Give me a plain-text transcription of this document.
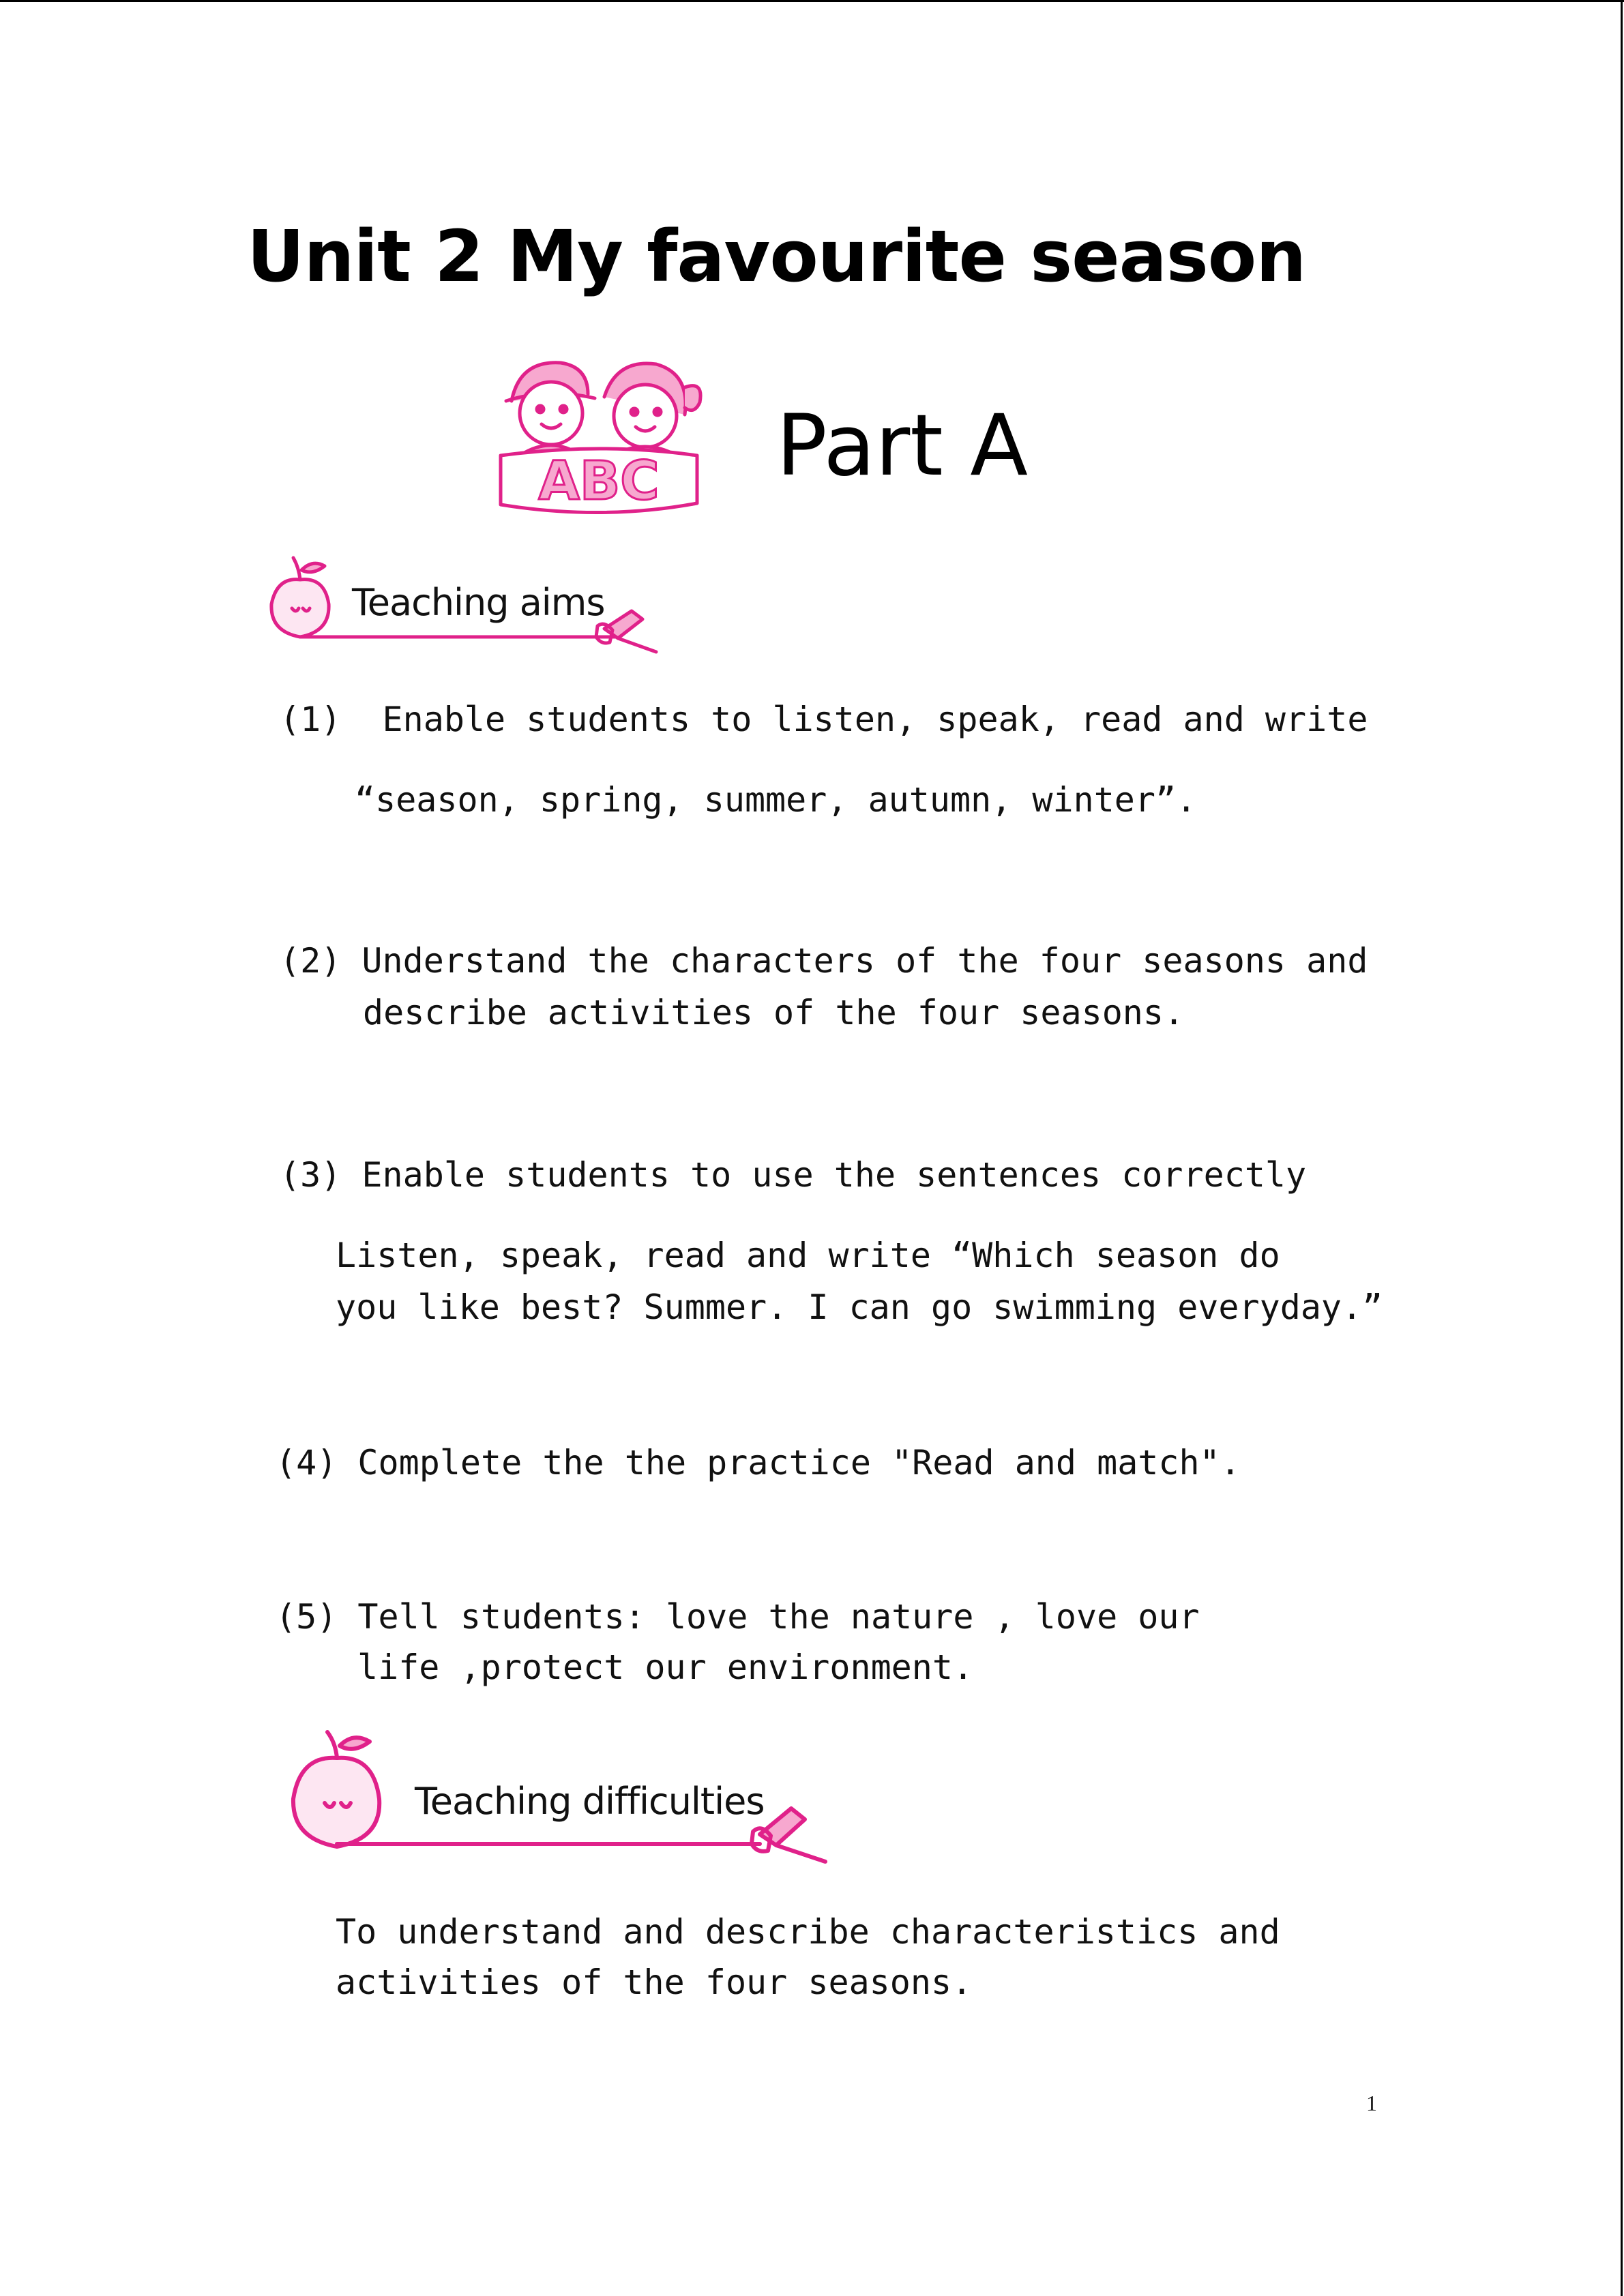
Unit 2 My favourite season
ABC Part A
Teaching aims
(1)  Enable students to listen, speak, read and write
“season, spring, summer, autumn, winter”.
(2) Understand the characters of the four seasons and
describe activities of the four seasons.
(3) Enable students to use the sentences correctly
Listen, speak, read and write “Which season do
you like best? Summer. I can go swimming everyday.”
(4) Complete the the practice "Read and match".
(5) Tell students: love the nature , love our
life ,protect our environment.
Teaching difficulties
To understand and describe characteristics and
activities of the four seasons.
1
